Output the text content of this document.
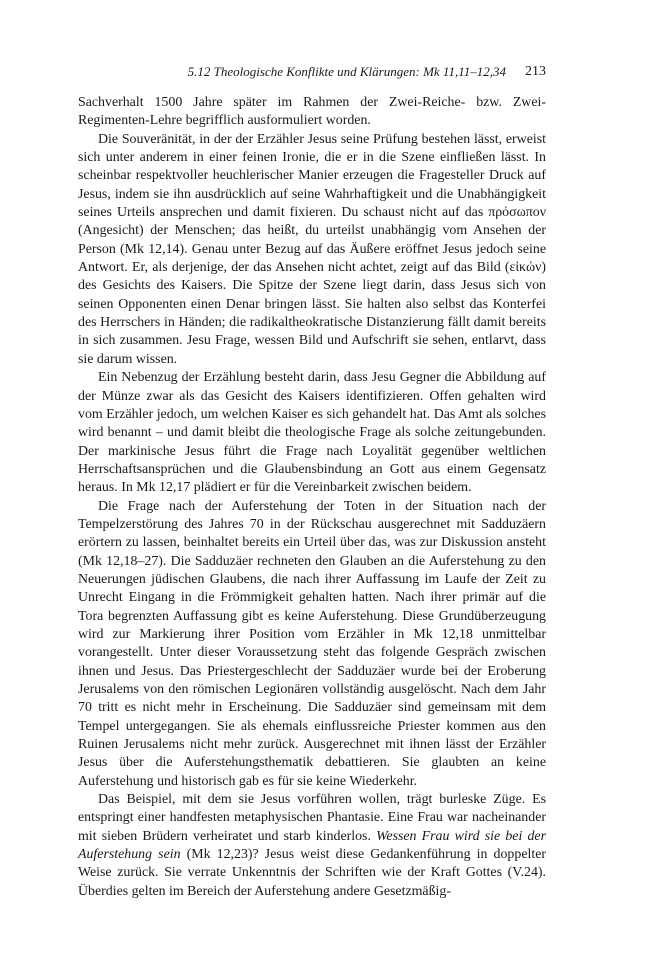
5.12 Theologische Konflikte und Klärungen: Mk 11,11–12,34 213

Sachverhalt 1500 Jahre später im Rahmen der Zwei-Reiche- bzw. Zwei-Regimenten-Lehre begrifflich ausformuliert worden.

Die Souveränität, in der der Erzähler Jesus seine Prüfung bestehen lässt, erweist sich unter anderem in einer feinen Ironie, die er in die Szene einfließen lässt. In scheinbar respektvoller heuchlerischer Manier erzeugen die Fragesteller Druck auf Jesus, indem sie ihn ausdrücklich auf seine Wahrhaftigkeit und die Unabhängigkeit seines Urteils ansprechen und damit fixieren. Du schaust nicht auf das πρόσωπον (Angesicht) der Menschen; das heißt, du urteilst unabhängig vom Ansehen der Person (Mk 12,14). Genau unter Bezug auf das Äußere eröffnet Jesus jedoch seine Antwort. Er, als derjenige, der das Ansehen nicht achtet, zeigt auf das Bild (εἰκών) des Gesichts des Kaisers. Die Spitze der Szene liegt darin, dass Jesus sich von seinen Opponenten einen Denar bringen lässt. Sie halten also selbst das Konterfei des Herrschers in Händen; die radikaltheokratische Distanzierung fällt damit bereits in sich zusammen. Jesu Frage, wessen Bild und Aufschrift sie sehen, entlarvt, dass sie darum wissen.

Ein Nebenzug der Erzählung besteht darin, dass Jesu Gegner die Abbildung auf der Münze zwar als das Gesicht des Kaisers identifizieren. Offen gehalten wird vom Erzähler jedoch, um welchen Kaiser es sich gehandelt hat. Das Amt als solches wird benannt – und damit bleibt die theologische Frage als solche zeitungebunden. Der markinische Jesus führt die Frage nach Loyalität gegenüber weltlichen Herrschaftsansprüchen und die Glaubensbindung an Gott aus einem Gegensatz heraus. In Mk 12,17 plädiert er für die Vereinbarkeit zwischen beidem.

Die Frage nach der Auferstehung der Toten in der Situation nach der Tempelzerstörung des Jahres 70 in der Rückschau ausgerechnet mit Sadduzäern erörtern zu lassen, beinhaltet bereits ein Urteil über das, was zur Diskussion ansteht (Mk 12,18–27). Die Sadduzäer rechneten den Glauben an die Auferstehung zu den Neuerungen jüdischen Glaubens, die nach ihrer Auffassung im Laufe der Zeit zu Unrecht Eingang in die Frömmigkeit gehalten hatten. Nach ihrer primär auf die Tora begrenzten Auffassung gibt es keine Auferstehung. Diese Grundüberzeugung wird zur Markierung ihrer Position vom Erzähler in Mk 12,18 unmittelbar vorangestellt. Unter dieser Voraussetzung steht das folgende Gespräch zwischen ihnen und Jesus. Das Priestergeschlecht der Sadduzäer wurde bei der Eroberung Jerusalems von den römischen Legionären vollständig ausgelöscht. Nach dem Jahr 70 tritt es nicht mehr in Erscheinung. Die Sadduzäer sind gemeinsam mit dem Tempel untergegangen. Sie als ehemals einflussreiche Priester kommen aus den Ruinen Jerusalems nicht mehr zurück. Ausgerechnet mit ihnen lässt der Erzähler Jesus über die Auferstehungsthematik debattieren. Sie glaubten an keine Auferstehung und historisch gab es für sie keine Wiederkehr.

Das Beispiel, mit dem sie Jesus vorführen wollen, trägt burleske Züge. Es entspringt einer handfesten metaphysischen Phantasie. Eine Frau war nacheinander mit sieben Brüdern verheiratet und starb kinderlos. Wessen Frau wird sie bei der Auferstehung sein (Mk 12,23)? Jesus weist diese Gedankenführung in doppelter Weise zurück. Sie verrate Unkenntnis der Schriften wie der Kraft Gottes (V.24). Überdies gelten im Bereich der Auferstehung andere Gesetzmäßig-
